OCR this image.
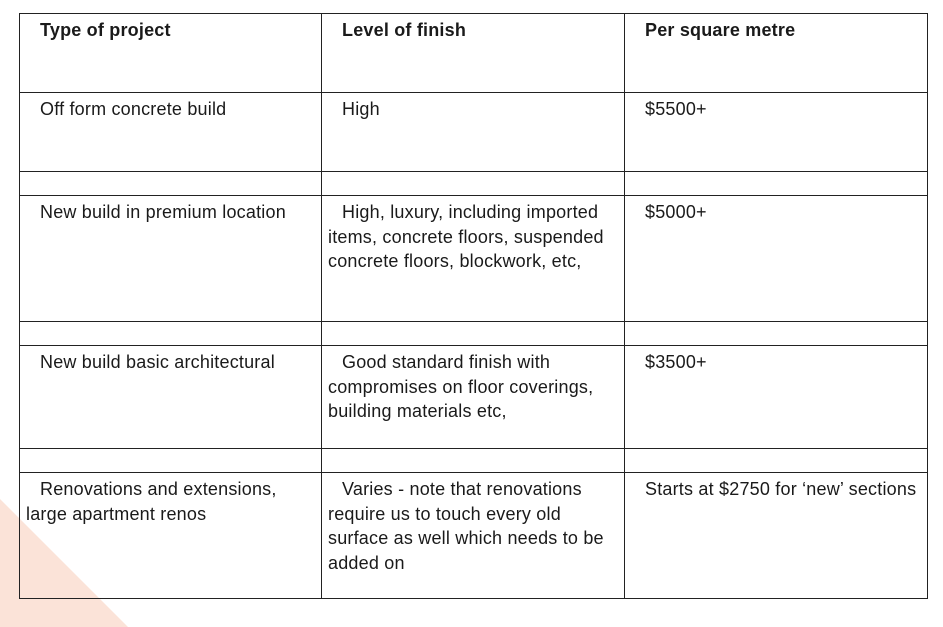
Type of project	Level of finish	Per square metre
Off form concrete build	High	$5500+

New build in premium location	High, luxury, including imported items, concrete floors, suspended concrete floors, blockwork, etc,	$5000+

New build basic architectural	Good standard finish with compromises on floor coverings, building materials etc,	$3500+

Renovations and extensions, large apartment renos	Varies - note that renovations require us to touch every old surface as well which needs to be added on	Starts at $2750 for ‘new’ sections
